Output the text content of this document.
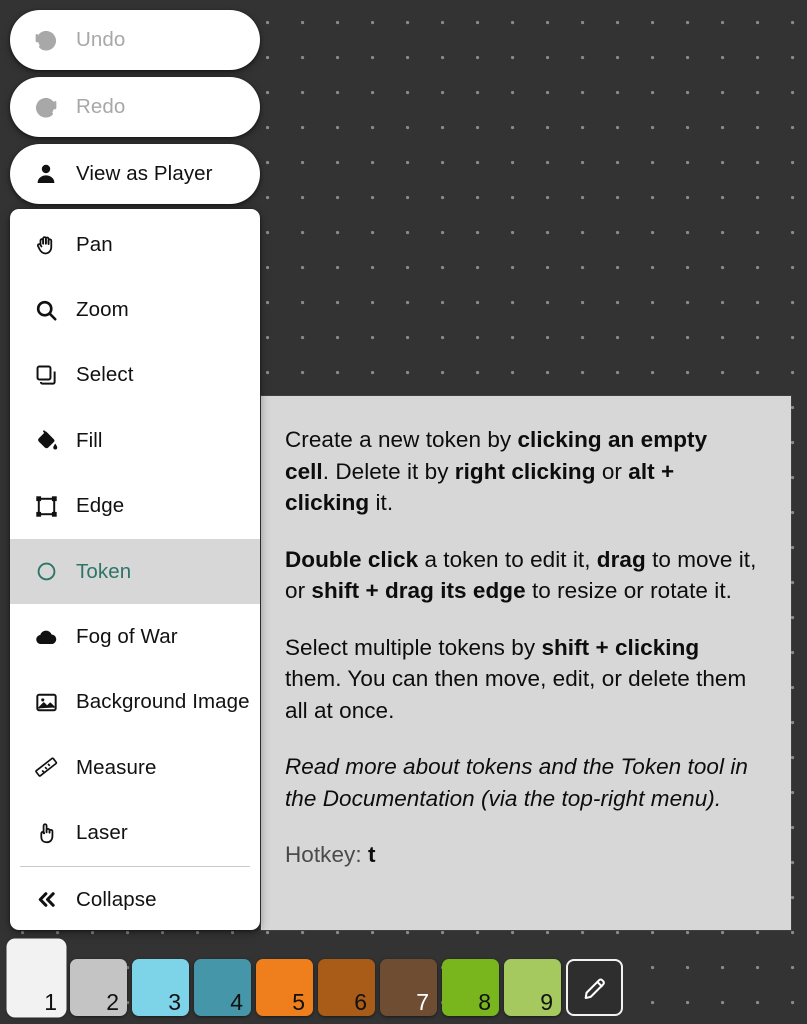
Create a new token by clicking an empty cell. Delete it by right clicking or alt + clicking it.

Double click a token to edit it, drag to move it, or shift + drag its edge to resize or rotate it.

Select multiple tokens by shift + clicking them. You can then move, edit, or delete them all at once.

Read more about tokens and the Token tool in the Documentation (via the top-right menu).

Hotkey: t

Undo
Redo
View as Player
Pan
Zoom
Select
Fill
Edge
Token
Fog of War
Background Image
Measure
Laser
Collapse
1 2 3 4 5 6 7 8 9
